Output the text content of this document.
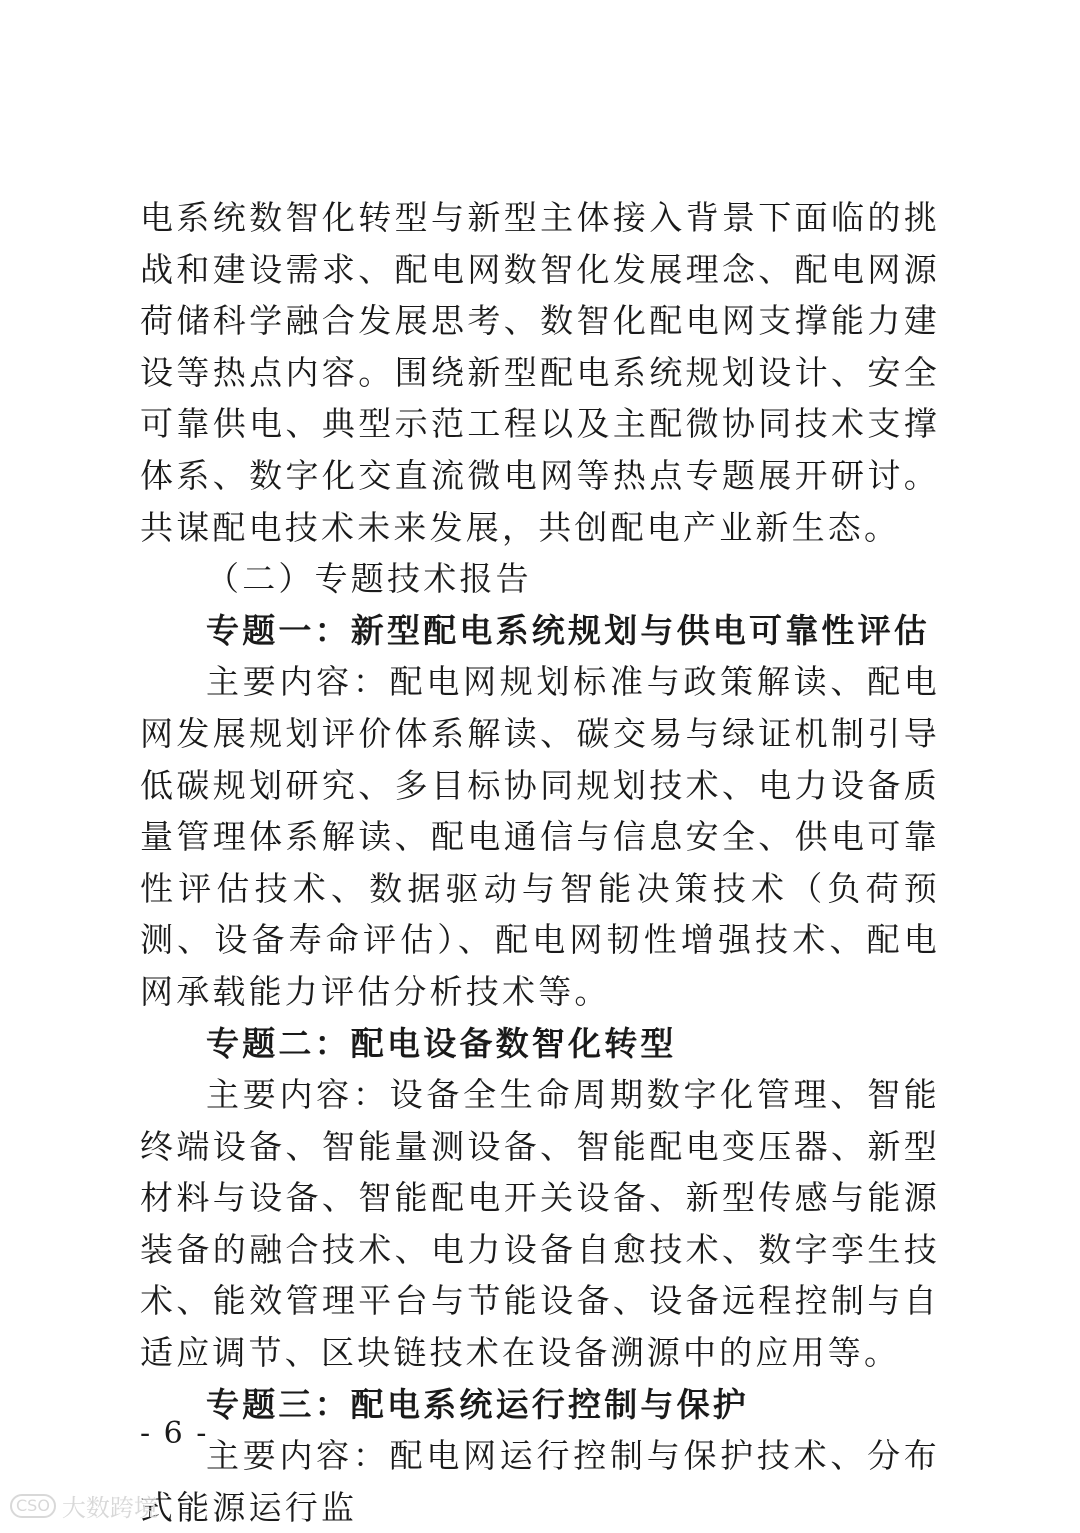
电系统数智化转型与新型主体接入背景下面临的挑战和建设需求、配电网数智化发展理念、配电网源荷储科学融合发展思考、数智化配电网支撑能力建设等热点内容。围绕新型配电系统规划设计、安全可靠供电、典型示范工程以及主配微协同技术支撑体系、数字化交直流微电网等热点专题展开研讨。共谋配电技术未来发展，共创配电产业新生态。

（二）专题技术报告

专题一：新型配电系统规划与供电可靠性评估

主要内容：配电网规划标准与政策解读、配电网发展规划评价体系解读、碳交易与绿证机制引导低碳规划研究、多目标协同规划技术、电力设备质量管理体系解读、配电通信与信息安全、供电可靠性评估技术、数据驱动与智能决策技术（负荷预测、设备寿命评估）、配电网韧性增强技术、配电网承载能力评估分析技术等。

专题二：配电设备数智化转型

主要内容：设备全生命周期数字化管理、智能终端设备、智能量测设备、智能配电变压器、新型材料与设备、智能配电开关设备、新型传感与能源装备的融合技术、电力设备自愈技术、数字孪生技术、能效管理平台与节能设备、设备远程控制与自适应调节、区块链技术在设备溯源中的应用等。

专题三：配电系统运行控制与保护

主要内容：配电网运行控制与保护技术、分布式能源运行监

- 6 -
CSO 大数跨境
